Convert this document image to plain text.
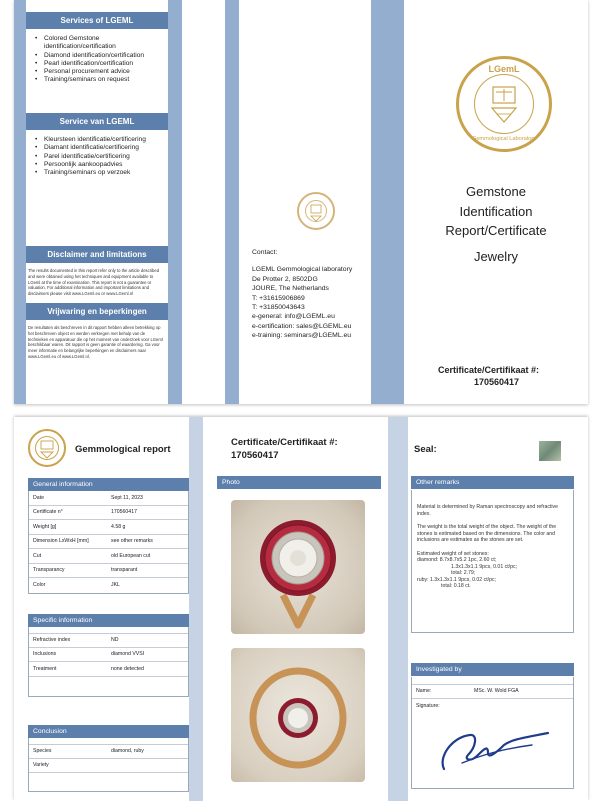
Services of LGEML
• Colored Gemstone identification/certification
• Diamond identification/certification
• Pearl identification/certification
• Personal procurement advice
• Training/seminars on request
Service van LGEML
• Kleursteen identificatie/certificering
• Diamant identificatie/certificering
• Parel identificatie/certificering
• Persoonlijk aankoopadvies
• Training/seminars op verzoek
Disclaimer and limitations
The results documented in this report refer only to the article described and were obtained using het techniques and equipment available to LGeml at the time of examination. This report is not a guarantee or valuation. For additional information and important limitations and disclaimers please visit www.LGeml.eu or www.LGeml.nl
Vrijwaring en beperkingen
De resultaten als beschreven in dit rapport hebben alleen betrekking op het beschreven object en werden verkregen met behulp van de technieken en apparatuur die op het moment van onderzoek voor LGeml beschikbaar waren. Dit rapport is geen garantie of waardering. Ga voor meer informatie en belangrijke beperkingen en disclaimers naar www.LGeml.eu of www.LGeml.nl.
Contact:
LGEML Gemmological laboratory
De Protter 2, 8502DG
JOURE, The Netherlands
T: +31615906869
T: +31850043643
e-general: info@LGEML.eu
e-certification: sales@LGEML.eu
e-training: seminars@LGEML.eu
LGemL
Gemmological Laboratory
Gemstone
Identification
Report/Certificate
Jewelry
Certificate/Certifikaat #:
170560417
Gemmological report
General information
Date	Sept 11, 2023
Certificate n°	170560417
Weight [g]	4.58 g
Dimension LxWxH [mm]	see other remarks
Cut	old European cut
Transparancy	transparant
Color	JKL
Specific information
Refractive index	ND
Inclusions	diamond VVSI
Treatment	none detected
Conclusion
Species	diamond, ruby
Variety
Certificate/Certifikaat #:
170560417
Photo
Seal:
Other remarks
Material is determined by Raman spectroscopy and refractive index.
The weight is the total weight of the object. The weight of the stones is estimated based on the dimensions. The color and inclusions are estimates as the stones are set.
Estimated weight of set stones:
diamond: 8.7x8.7x5.2 1pc, 2.60 ct;
1.3x1.3x1.1 9pcs, 0.01 ct/pc;
total: 2.79;
ruby: 1.3x1.3x1.1 9pcs, 0.02 ct/pc;
total: 0.18 ct.
Investigated by
Name:	MSc. W. Wold FGA
Signature:
